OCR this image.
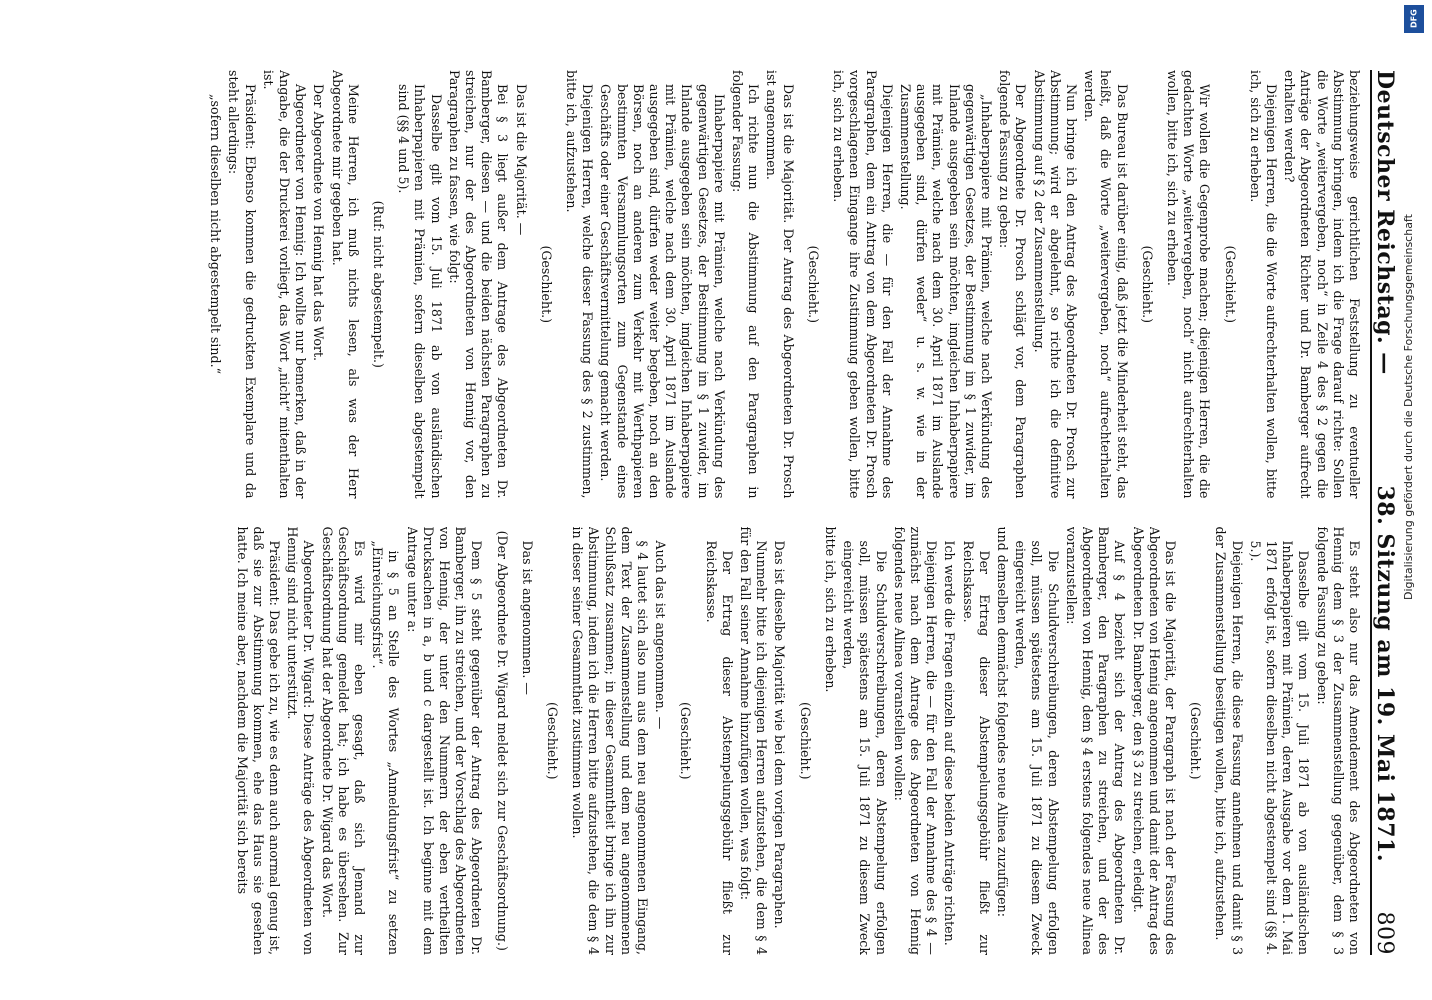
Deutscher Reichstag. —
38. Sitzung am 19. Mai 1871.
809

beziehungsweise gerichtlichen Feststellung zu eventueller Abstimmung bringen, indem ich die Frage darauf richte: Sollen die Worte „weitervergeben, noch“ in Zeile 4 des § 2 gegen die Anträge der Abgeordneten Richter und Dr. Bamberger aufrecht erhalten werden?

Diejenigen Herren, die die Worte aufrechterhalten wollen, bitte ich, sich zu erheben.

(Geschieht.)

Wir wollen die Gegenprobe machen; diejenigen Herren, die die gedachten Worte „weitervergeben, noch“ nicht aufrechterhalten wollen, bitte ich, sich zu erheben.

(Geschieht.)

Das Bureau ist darüber einig, daß jetzt die Minderheit steht, das heißt, daß die Worte „weitervergeben, noch“ aufrechterhalten werden.

Nun bringe ich den Antrag des Abgeordneten Dr. Prosch zur Abstimmung; wird er abgelehnt, so richte ich die definitive Abstimmung auf § 2 der Zusammenstellung.

Der Abgeordnete Dr. Prosch schlägt vor, dem Paragraphen folgende Fassung zu geben:

„Inhaberpapiere mit Prämien, welche nach Verkündung des gegenwärtigen Gesetzes, der Bestimmung im § 1 zuwider, im Inlande ausgegeben sein möchten, imgleichen Inhaberpapiere mit Prämien, welche nach dem 30. April 1871 im Auslande ausgegeben sind, dürfen weder“ u. s. w. wie in der Zusammenstellung.

Diejenigen Herren, die — für den Fall der Annahme des Paragraphen, dem ein Antrag von dem Abgeordneten Dr. Prosch vorgeschlagenen Eingange ihre Zustimmung geben wollen, bitte ich, sich zu erheben.

(Geschieht.)

Das ist die Majorität. Der Antrag des Abgeordneten Dr. Prosch ist angenommen.

Ich richte nun die Abstimmung auf den Paragraphen in folgender Fassung:

Inhaberpapiere mit Prämien, welche nach Verkündung des gegenwärtigen Gesetzes, der Bestimmung im § 1 zuwider, im Inlande ausgegeben sein möchten, imgleichen Inhaberpapiere mit Prämien, welche nach dem 30. April 1871 im Auslande ausgegeben sind, dürfen weder weiter begeben, noch an den Börsen, noch an anderen zum Verkehr mit Werthpapieren bestimmten Versammlungsorten zum Gegenstande eines Geschäfts oder einer Geschäftsvermittelung gemacht werden.

Diejenigen Herren, welche dieser Fassung des § 2 zustimmen, bitte ich, aufzustehen.

(Geschieht.)

Das ist die Majorität. —

Bei § 3 liegt außer dem Antrage des Abgeordneten Dr. Bamberger, diesen — und die beiden nächsten Paragraphen zu streichen, nur der des Abgeordneten von Hennig vor, den Paragraphen zu fassen, wie folgt:

Dasselbe gilt vom 15. Juli 1871 ab von ausländischen Inhaberpapieren mit Prämien, sofern dieselben abgestempelt sind (§§ 4 und 5).

(Ruf: nicht abgestempelt.)

Meine Herren, ich muß nichts lesen, als was der Herr Abgeordnete mir gegeben hat.

Der Abgeordnete von Hennig hat das Wort.

Abgeordneter von Hennig: Ich wollte nur bemerken, daß in der Angabe, die der Druckerei vorliegt, das Wort „nicht“ mitenthalten ist.

Präsident: Ebenso kommen die gedruckten Exemplare und da steht allerdings:

„sofern dieselben nicht abgestempelt sind.“

Es steht also nur das Amendement des Abgeordneten von Hennig dem § 3 der Zusammenstellung gegenüber, dem § 3 folgende Fassung zu geben:

Dasselbe gilt vom 15. Juli 1871 ab von ausländischen Inhaberpapieren mit Prämien, deren Ausgabe vor dem 1. Mai 1871 erfolgt ist, sofern dieselben nicht abgestempelt sind (§§ 4. 5.).

Diejenigen Herren, die diese Fassung annehmen und damit § 3 der Zusammenstellung beseitigen wollen, bitte ich, aufzustehen.

(Geschieht.)

Das ist die Majorität, der Paragraph ist nach der Fassung des Abgeordneten von Hennig angenommen und damit der Antrag des Abgeordneten Dr. Bamberger, den § 3 zu streichen, erledigt.

Auf § 4 bezieht sich der Antrag des Abgeordneten Dr. Bamberger, den Paragraphen zu streichen, und der des Abgeordneten von Hennig, dem § 4 erstens folgendes neue Alinea voranzustellen:

Die Schuldverschreibungen, deren Abstempelung erfolgen soll, müssen spätestens am 15. Juli 1871 zu diesem Zweck eingereicht werden,

und demselben demnächst folgendes neue Alinea zuzufügen:

Der Ertrag dieser Abstempelungsgebühr fließt zur Reichskasse.

Ich werde die Fragen einzeln auf diese beiden Anträge richten.

Diejenigen Herren, die — für den Fall der Annahme des § 4 — zunächst nach dem Antrage des Abgeordneten von Hennig folgendes neue Alinea voranstellen wollen:

Die Schuldverschreibungen, deren Abstempelung erfolgen soll, müssen spätestens am 15. Juli 1871 zu diesem Zweck eingereicht werden,

bitte ich, sich zu erheben.

(Geschieht.)

Das ist dieselbe Majorität wie bei dem vorigen Paragraphen.

Nunmehr bitte ich diejenigen Herren aufzustehen, die dem § 4 für den Fall seiner Annahme hinzufügen wollen, was folgt:

Der Ertrag dieser Abstempelungsgebühr fließt zur Reichskasse.

(Geschieht.)

Auch das ist angenommen. —

§ 4 lautet sich also nun aus dem neu angenommenen Eingang, dem Text der Zusammenstellung und dem neu angenommenen Schlußsatz zusammen; in dieser Gesammtheit bringe ich ihn zur Abstimmung, indem ich die Herren bitte aufzustehen, die dem § 4 in dieser seiner Gesammtheit zustimmen wollen.

(Geschieht.)

Das ist angenommen. —

(Der Abgeordnete Dr. Wigard meldet sich zur Geschäftsordnung.)

Dem § 5 steht gegenüber der Antrag des Abgeordneten Dr. Bamberger, ihn zu streichen, und der Vorschlag des Abgeordneten von Hennig, der unter den Nummern der eben vertheilten Drucksachen in a, b und c dargestellt ist. Ich beginne mit dem Antrage unter a:

in § 5 an Stelle des Wortes „Anmeldungsfrist“ zu setzen „Einreichungsfrist“.

Es wird mir eben gesagt, daß sich Jemand zur Geschäftsordnung gemeldet hat; ich habe es übersehen. Zur Geschäftsordnung hat der Abgeordnete Dr. Wigard das Wort.

Abgeordneter Dr. Wigard: Diese Anträge des Abgeordneten von Hennig sind nicht unterstützt.

Präsident: Das gebe ich zu, wie es denn auch anormal genug ist, daß sie zur Abstimmung kommen, ehe das Haus sie gesehen hatte. Ich meine aber, nachdem die Majorität sich bereits

DFG
Digitalisierung gefördert durch die Deutsche Forschungsgemeinschaft
